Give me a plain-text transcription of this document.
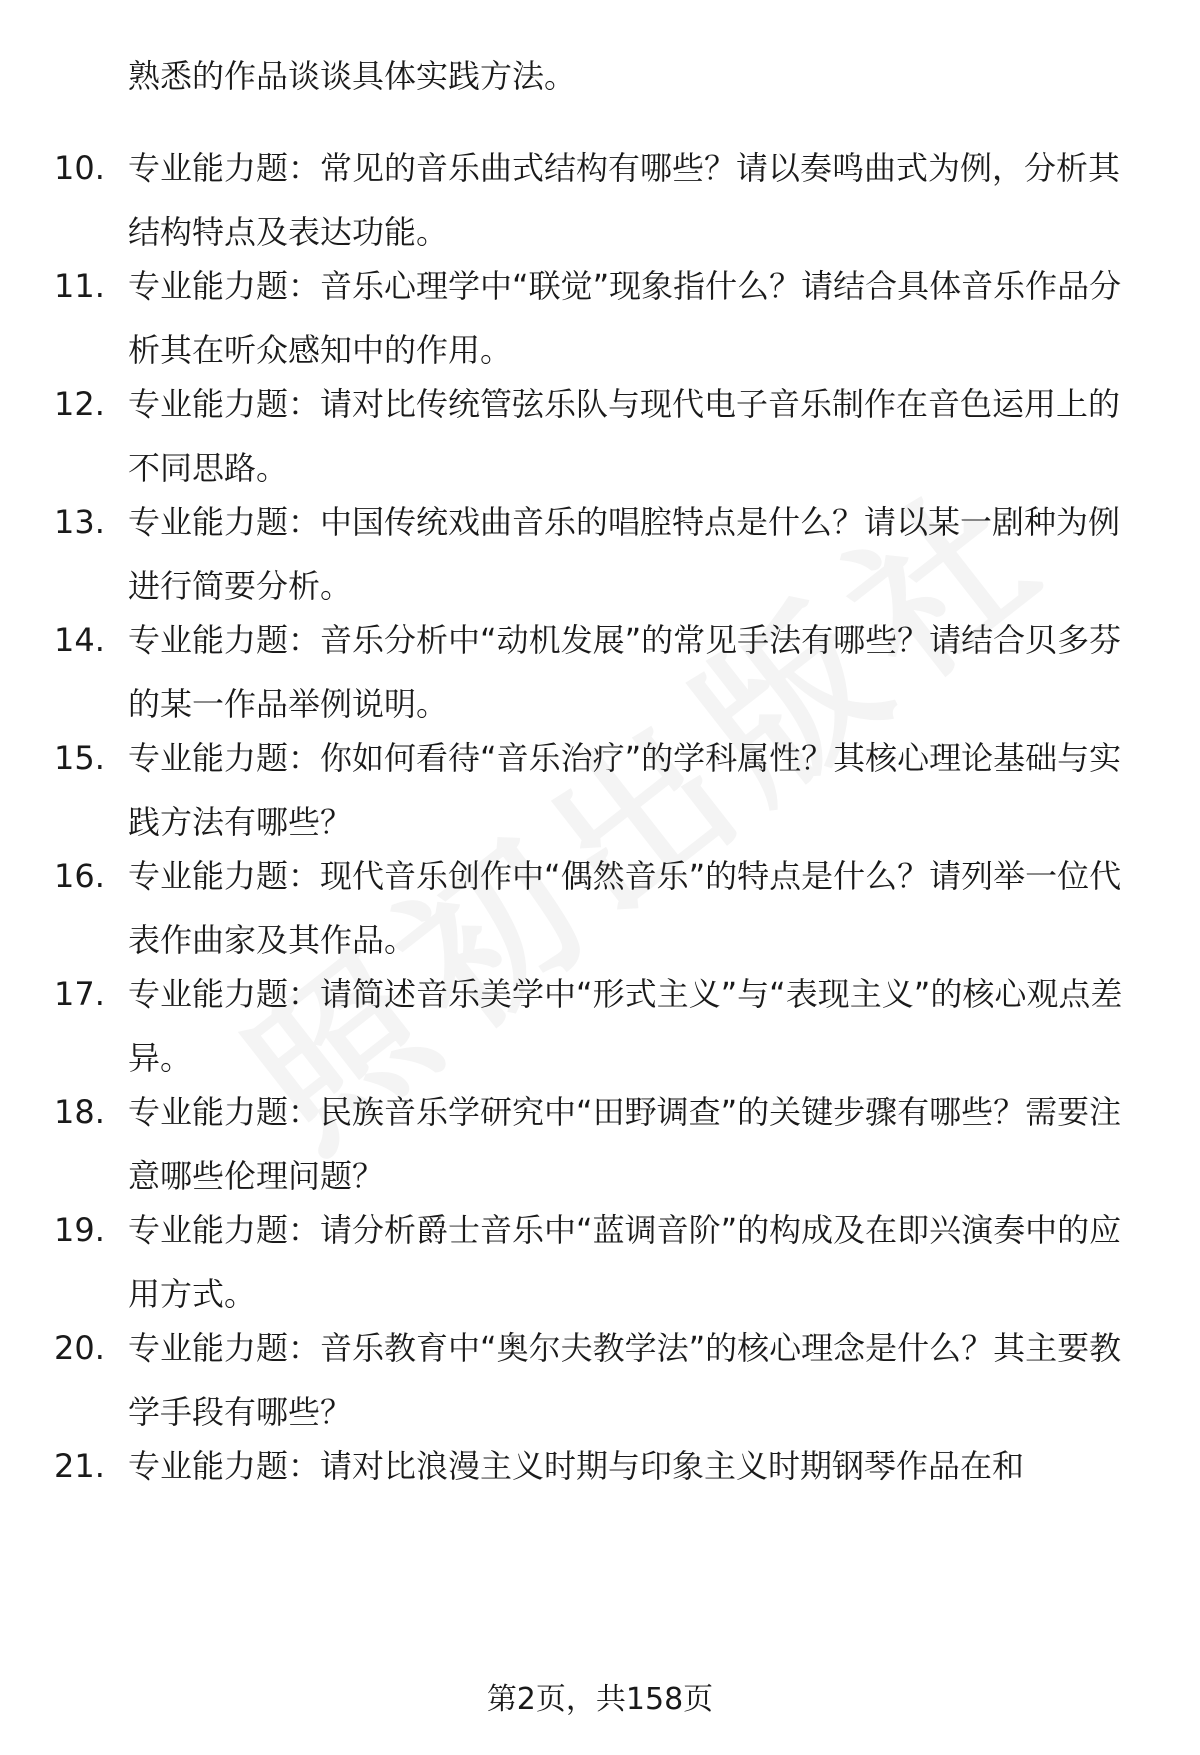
熟悉的作品谈谈具体实践方法。
10. 专业能力题：常见的音乐曲式结构有哪些？请以奏鸣曲式为例，分析其结构特点及表达功能。
11. 专业能力题：音乐心理学中“联觉”现象指什么？请结合具体音乐作品分析其在听众感知中的作用。
12. 专业能力题：请对比传统管弦乐队与现代电子音乐制作在音色运用上的不同思路。
13. 专业能力题：中国传统戏曲音乐的唱腔特点是什么？请以某一剧种为例进行简要分析。
14. 专业能力题：音乐分析中“动机发展”的常见手法有哪些？请结合贝多芬的某一作品举例说明。
15. 专业能力题：你如何看待“音乐治疗”的学科属性？其核心理论基础与实践方法有哪些？
16. 专业能力题：现代音乐创作中“偶然音乐”的特点是什么？请列举一位代表作曲家及其作品。
17. 专业能力题：请简述音乐美学中“形式主义”与“表现主义”的核心观点差异。
18. 专业能力题：民族音乐学研究中“田野调查”的关键步骤有哪些？需要注意哪些伦理问题？
19. 专业能力题：请分析爵士音乐中“蓝调音阶”的构成及在即兴演奏中的应用方式。
20. 专业能力题：音乐教育中“奥尔夫教学法”的核心理念是什么？其主要教学手段有哪些？
21. 专业能力题：请对比浪漫主义时期与印象主义时期钢琴作品在和
第2页，共158页
